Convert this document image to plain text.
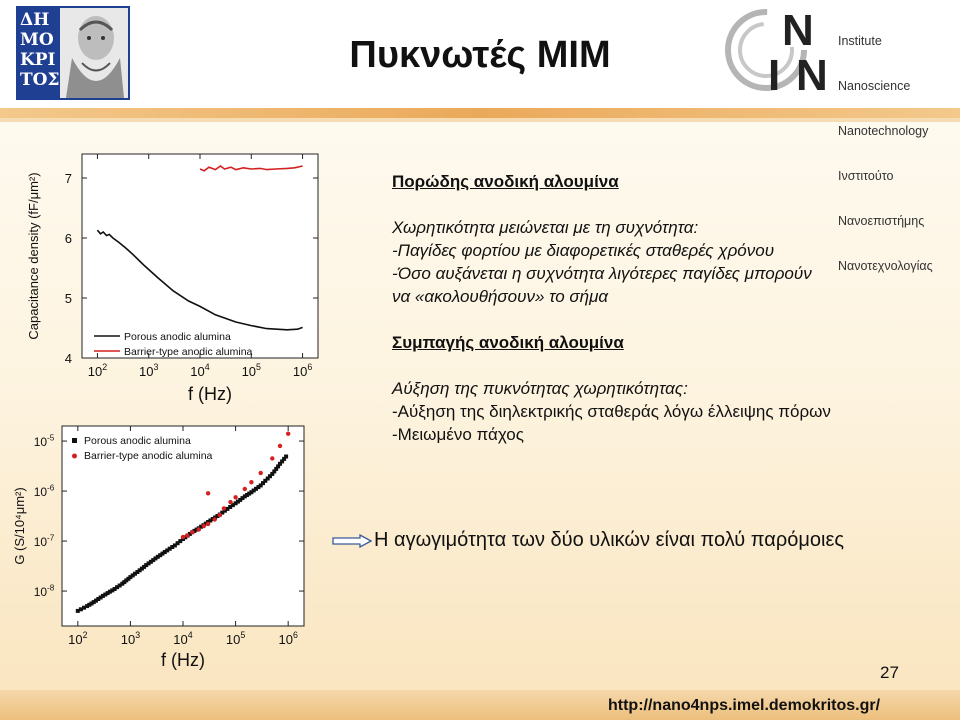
ΔΗ
ΜΟ
ΚΡΙ
ΤΟΣ
Πυκνωτές MIM	N
I N

Institute

Nanoscience

Nanotechnology

Ινστιτούτο

Νανοεπιστήμης

Νανοτεχνολογίας

$10^2$ $10^3$ $10^4$ $10^5$ $10^6$
4
5
6
7
f (Hz)
Capacitance density (fF/μm²)	Porous anodic alumina
Barrier-type anodic alumina
$10^2$	$10^3$	$10^4$	$10^5$	$10^6$
$10^{-8}$
$10^{-7}$
$10^{-6}$
$10^{-5}$
f (Hz)
G (S/10⁴μm²)
Porous anodic alumina
Barrier-type anodic alumina
Πορώδης ανοδική αλουμίνα
Χωρητικότητα μειώνεται με τη συχνότητα:
-Παγίδες φορτίου με διαφορετικές σταθερές χρόνου
-Όσο αυξάνεται η συχνότητα λιγότερες παγίδες μπορούν
να «ακολουθήσουν» το σήμα
Συμπαγής ανοδική αλουμίνα
Αύξηση της πυκνότητας χωρητικότητας:
-Αύξηση της διηλεκτρικής σταθεράς λόγω έλλειψης πόρων
-Μειωμένο πάχος
Η αγωγιμότητα των δύο υλικών είναι πολύ παρόμοιες
27
http://nano4nps.imel.demokritos.gr/
